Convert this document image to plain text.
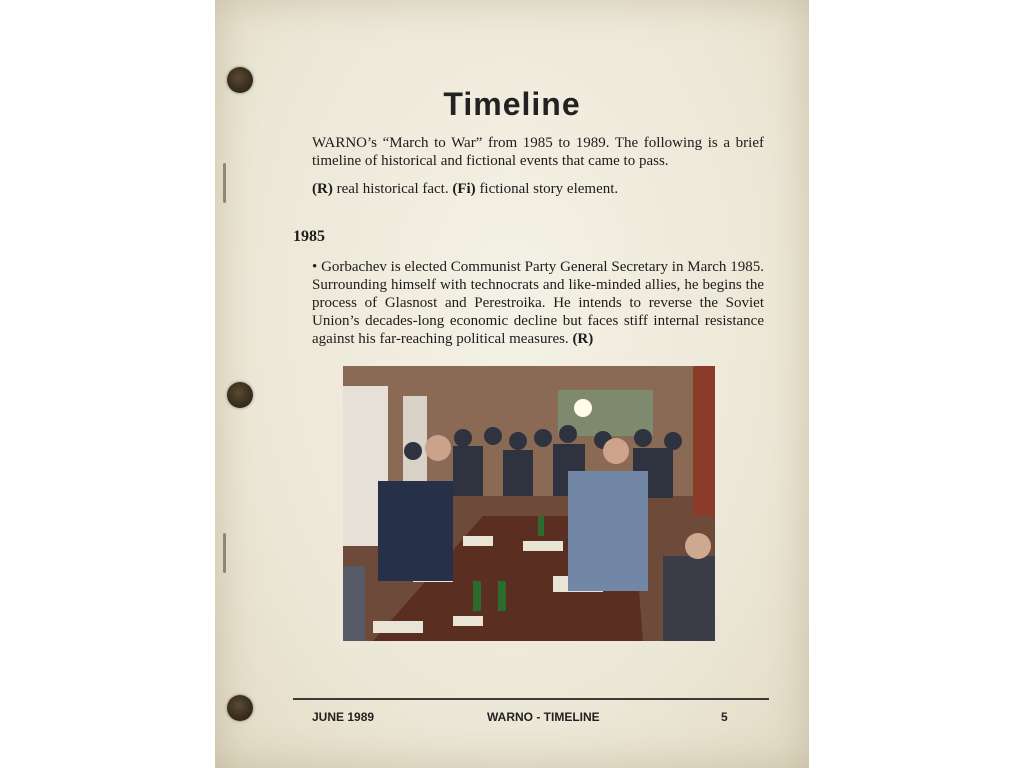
Timeline
WARNO’s “March to War” from 1985 to 1989. The following is a brief timeline of historical and fictional events that came to pass.
(R) real historical fact. (Fi) fictional story element.
1985
• Gorbachev is elected Communist Party General Secretary in March 1985. Surrounding himself with technocrats and like-minded allies, he begins the process of Glasnost and Perestroika. He intends to reverse the Soviet Union’s decades-long economic decline but faces stiff internal resistance against his far-reaching political measures. (R)
JUNE 1989	WARNO - TIMELINE	5
